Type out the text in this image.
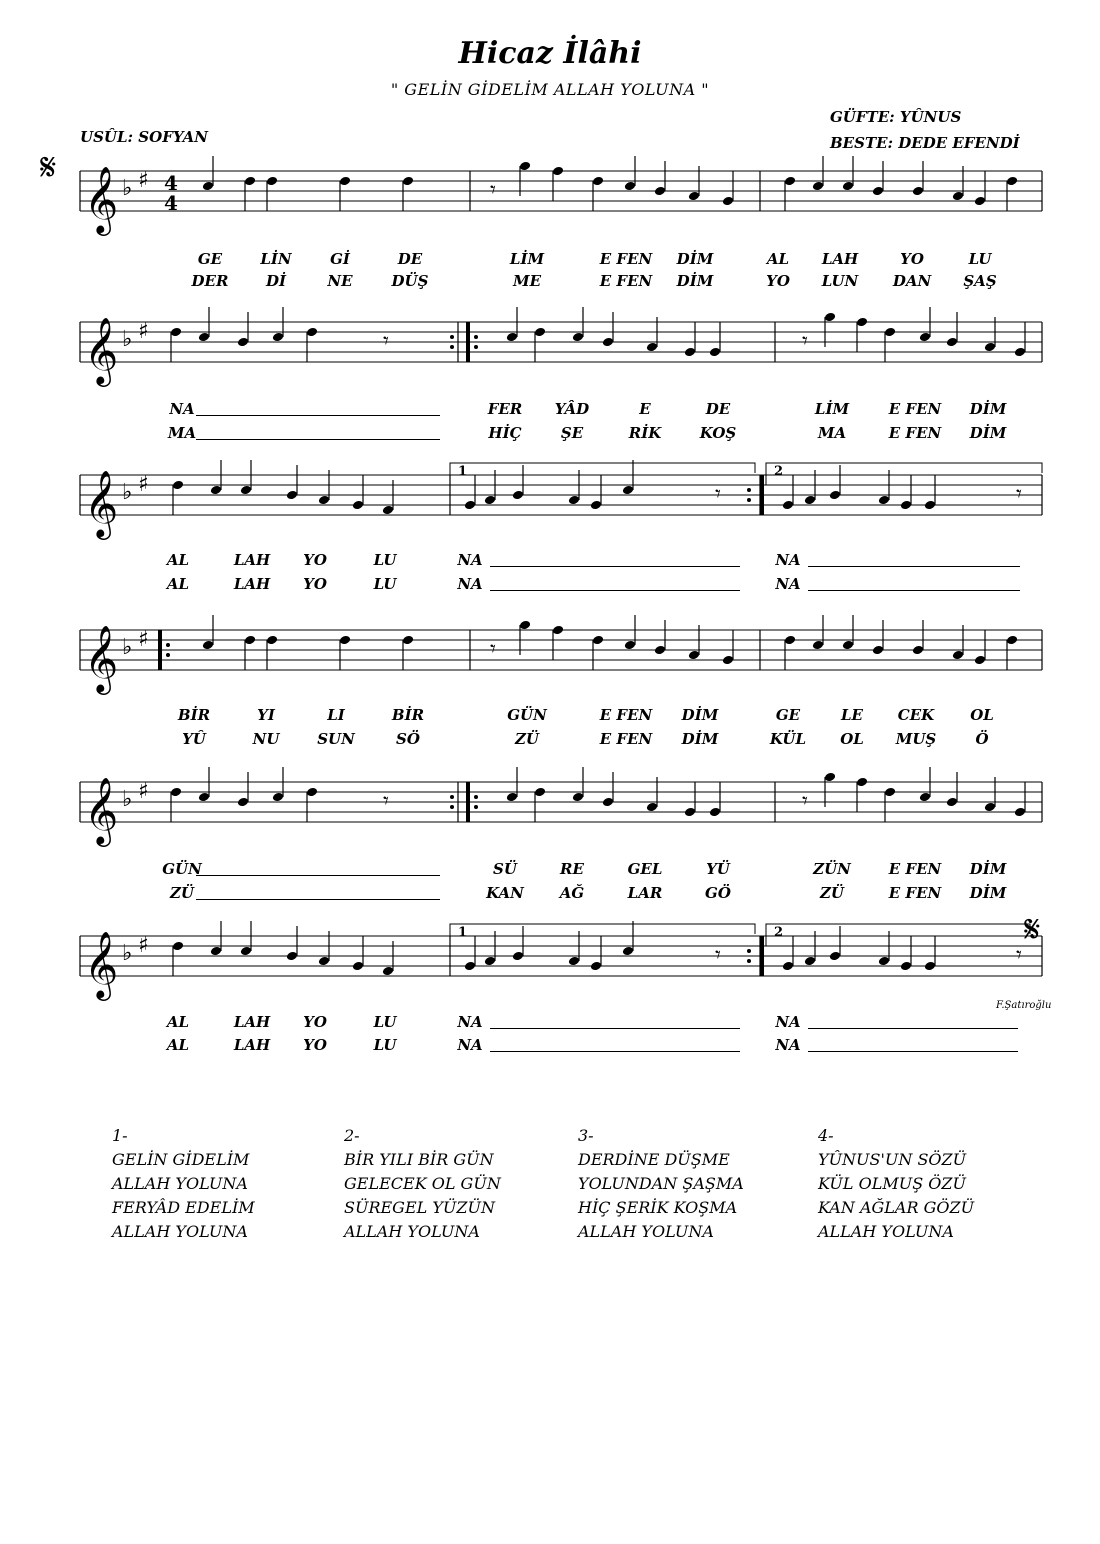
Hicaz İlâhi
" GELİN GİDELİM ALLAH YOLUNA "
GÜFTE: YÛNUS
BESTE: DEDE EFENDİ
USÛL: SOFYAN
𝄞 ♭ ♯ 4
4	𝄾
𝄞 ♭ ♯	𝄾	𝄾
𝄞 ♭ ♯
1	2
𝄾	𝄾
𝄞 ♭ ♯	𝄾
𝄞 ♭ ♯	𝄾	𝄾
𝄞 ♭ ♯
1	2
𝄾	𝄾
𝄋
𝄋
GE	LİN	Gİ	DE	LİM	E FEN DİM	AL LAH	YO	LU
DER	Dİ	NE	DÜŞ	ME	E FEN DİM	YO LUN DAN ŞAŞ
NA	FER YÂD	E	DE	LİM	E FEN DİM
MA	HİÇ	ŞE	RİK	KOŞ	MA	E FEN DİM
AL	LAH YO	LU	NA	NA
AL	LAH YO	LU	NA	NA
BİR	YI	LI	BİR	GÜN	E FEN DİM	GE	LE CEK OL
YÛ	NU	SUN	SÖ	ZÜ	E FEN DİM	KÜL OL MUŞ	Ö
GÜN	SÜ	RE	GEL	YÜ	ZÜN	E FEN DİM
ZÜ	KAN AĞ	LAR	GÖ	ZÜ	E FEN DİM
AL	LAH YO	LU	NA	NA
AL	LAH YO	LU	NA	NA
1-
GELİN GİDELİM
ALLAH YOLUNA
FERYÂD EDELİM
ALLAH YOLUNA
2-
BİR YILI BİR GÜN
GELECEK OL GÜN
SÜREGEL YÜZÜN
ALLAH YOLUNA
3-
DERDİNE DÜŞME
YOLUNDAN ŞAŞMA
HİÇ ŞERİK KOŞMA
ALLAH YOLUNA
4-
YÛNUS'UN SÖZÜ
KÜL OLMUŞ ÖZÜ
KAN AĞLAR GÖZÜ
ALLAH YOLUNA
F.Şatıroğlu
